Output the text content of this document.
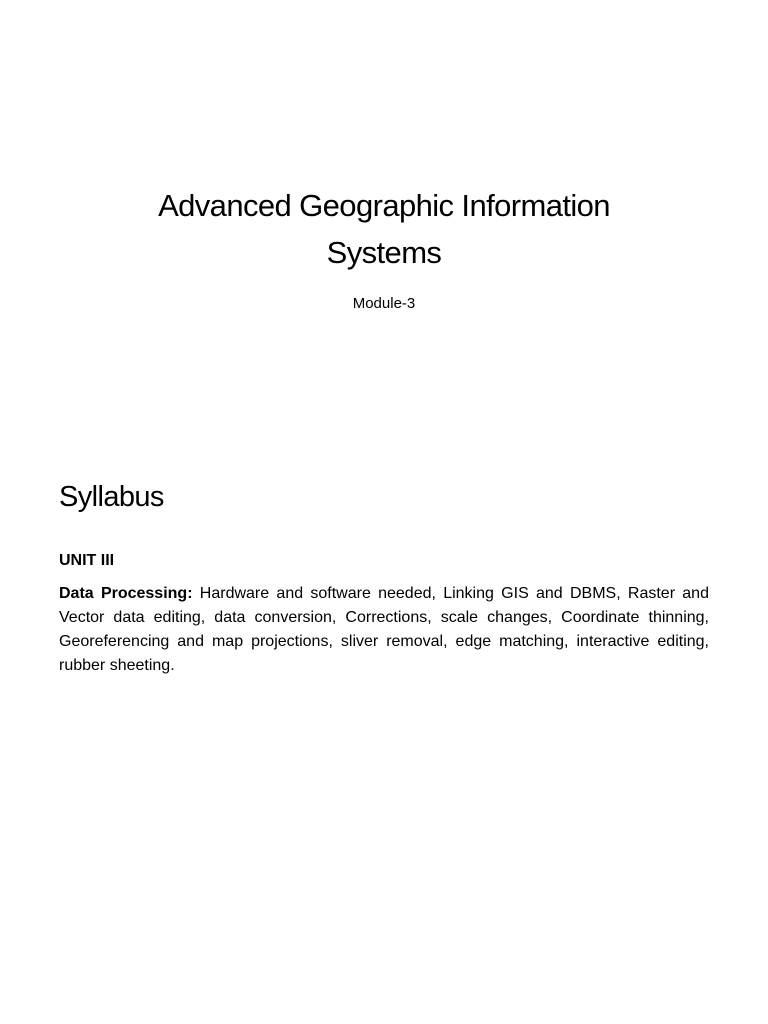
Advanced Geographic Information
Systems
Module-3
Syllabus
UNIT III

Data Processing: Hardware and software needed, Linking GIS and DBMS, Raster and Vector data editing, data conversion, Corrections, scale changes, Coordinate thinning, Georeferencing and map projections, sliver removal, edge matching, interactive editing, rubber sheeting.
